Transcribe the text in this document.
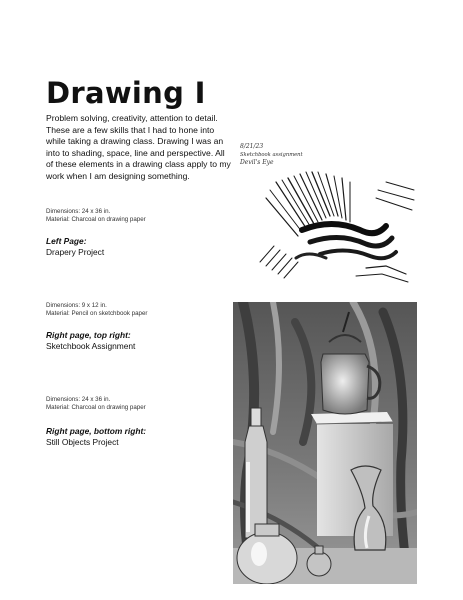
Drawing I

Problem solving, creativity, attention to detail. These are a few skills that I had to hone into while taking a drawing class. Drawing I was an into to shading, space, line and perspective. All of these elements in a drawing class apply to my work when I am designing something.

Dimensions: 24 x 36 in.
Material: Charcoal on drawing paper
Left Page:
Drapery Project
Dimensions: 9 x 12 in.
Material: Pencil on sketchbook paper
Right page, top right:
Sketchbook Assignment
Dimensions: 24 x 36 in.
Material: Charcoal on drawing paper
Right page, bottom right:
Still Objects Project
8/21/23
Sketchbook assignment
Devil's Eye
